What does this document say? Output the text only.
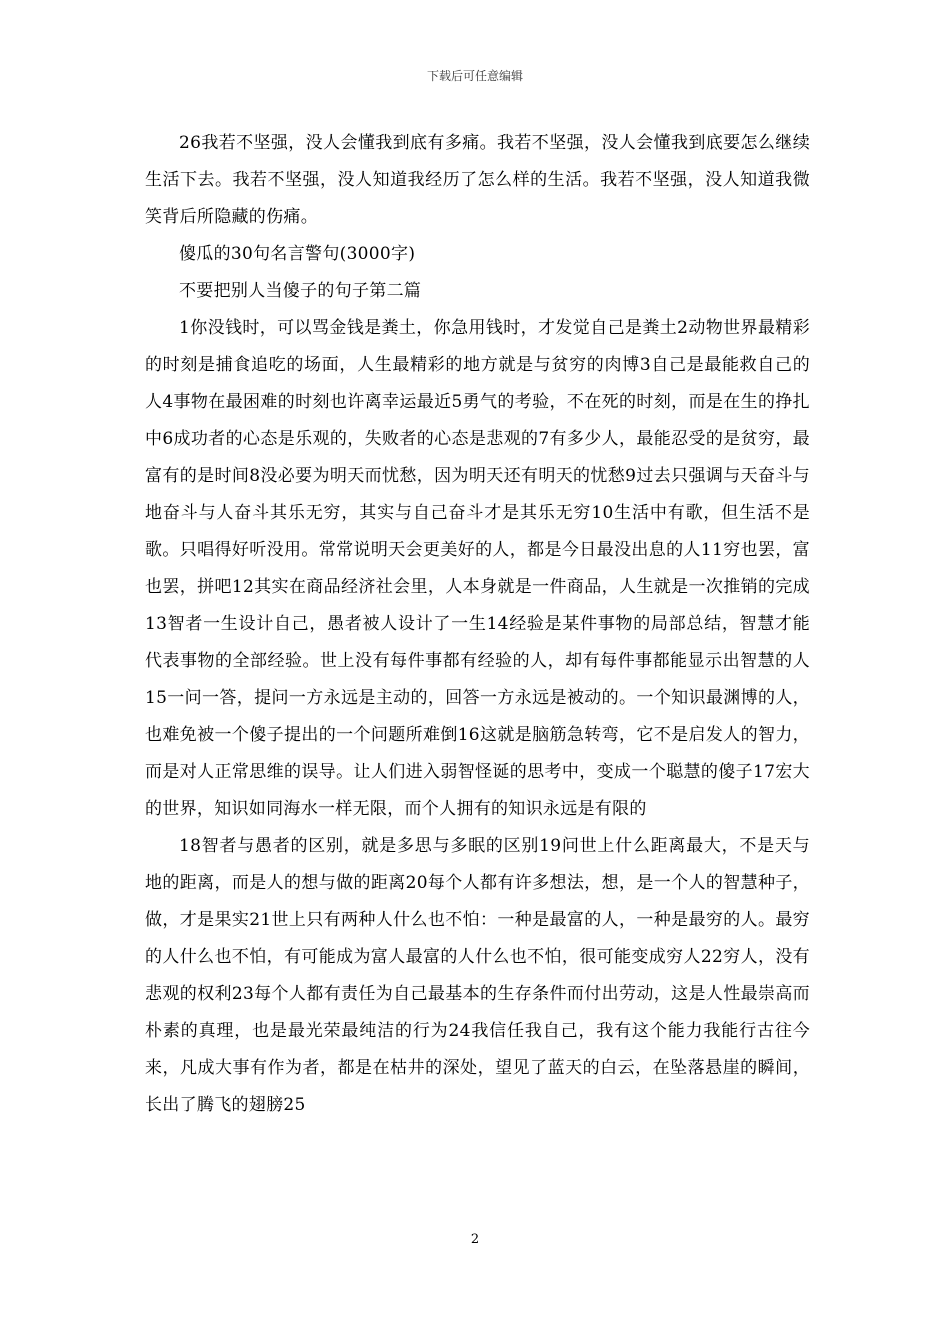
下载后可任意编辑

26我若不坚强，没人会懂我到底有多痛。我若不坚强，没人会懂我到底要怎么继续生活下去。我若不坚强，没人知道我经历了怎么样的生活。我若不坚强，没人知道我微笑背后所隐藏的伤痛。

傻瓜的30句名言警句(3000字)

不要把别人当傻子的句子第二篇

1你没钱时，可以骂金钱是粪土，你急用钱时，才发觉自己是粪土2动物世界最精彩的时刻是捕食追吃的场面，人生最精彩的地方就是与贫穷的肉博3自己是最能救自己的人4事物在最困难的时刻也许离幸运最近5勇气的考验，不在死的时刻，而是在生的挣扎中6成功者的心态是乐观的，失败者的心态是悲观的7有多少人，最能忍受的是贫穷，最富有的是时间8没必要为明天而忧愁，因为明天还有明天的忧愁9过去只强调与天奋斗与地奋斗与人奋斗其乐无穷，其实与自己奋斗才是其乐无穷10生活中有歌，但生活不是歌。只唱得好听没用。常常说明天会更美好的人，都是今日最没出息的人11穷也罢，富也罢，拼吧12其实在商品经济社会里，人本身就是一件商品，人生就是一次推销的完成13智者一生设计自己，愚者被人设计了一生14经验是某件事物的局部总结，智慧才能代表事物的全部经验。世上没有每件事都有经验的人，却有每件事都能显示出智慧的人15一问一答，提问一方永远是主动的，回答一方永远是被动的。一个知识最渊博的人，也难免被一个傻子提出的一个问题所难倒16这就是脑筋急转弯，它不是启发人的智力，而是对人正常思维的误导。让人们进入弱智怪诞的思考中，变成一个聪慧的傻子17宏大的世界，知识如同海水一样无限，而个人拥有的知识永远是有限的

18智者与愚者的区别，就是多思与多眠的区别19问世上什么距离最大，不是天与地的距离，而是人的想与做的距离20每个人都有许多想法，想，是一个人的智慧种子，做，才是果实21世上只有两种人什么也不怕：一种是最富的人，一种是最穷的人。最穷的人什么也不怕，有可能成为富人最富的人什么也不怕，很可能变成穷人22穷人，没有悲观的权利23每个人都有责任为自己最基本的生存条件而付出劳动，这是人性最崇高而朴素的真理，也是最光荣最纯洁的行为24我信任我自己，我有这个能力我能行古往今来，凡成大事有作为者，都是在枯井的深处，望见了蓝天的白云，在坠落悬崖的瞬间，长出了腾飞的翅膀25

2
